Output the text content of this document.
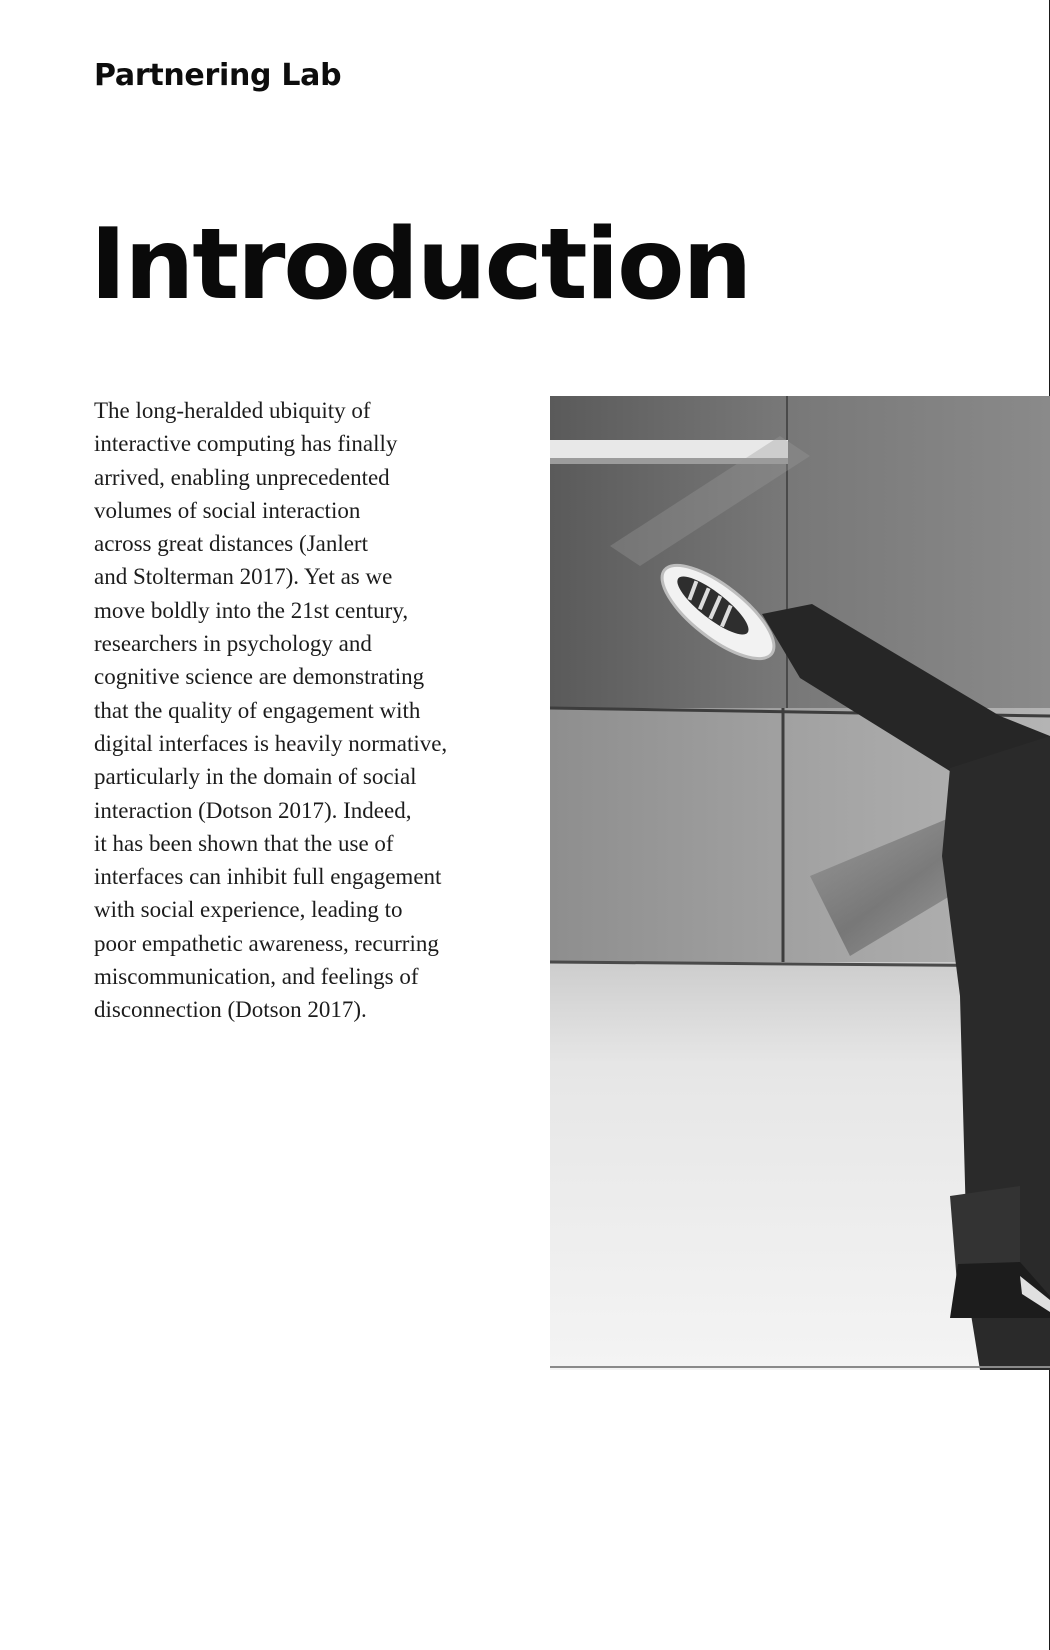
Partnering Lab
Introduction

The long-heralded ubiquity of
interactive computing has finally
arrived, enabling unprecedented
volumes of social interaction
across great distances (Janlert
and Stolterman 2017). Yet as we
move boldly into the 21st century,
researchers in psychology and
cognitive science are demonstrating
that the quality of engagement with
digital interfaces is heavily normative,
particularly in the domain of social
interaction (Dotson 2017). Indeed,
it has been shown that the use of
interfaces can inhibit full engagement
with social experience, leading to
poor empathetic awareness, recurring
miscommunication, and feelings of
disconnection (Dotson 2017).
